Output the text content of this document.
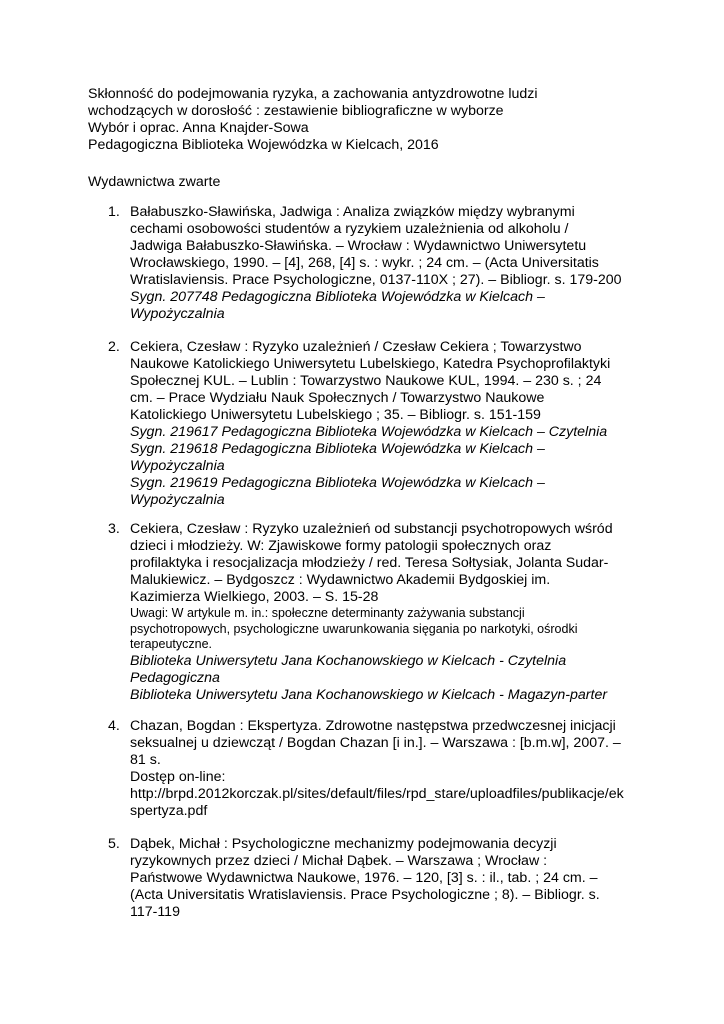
Skłonność do podejmowania ryzyka, a zachowania antyzdrowotne ludzi
wchodzących w dorosłość : zestawienie bibliograficzne w wyborze
Wybór i oprac. Anna Knajder-Sowa
Pedagogiczna Biblioteka Wojewódzka w Kielcach, 2016
Wydawnictwa zwarte
1. Bałabuszko-Sławińska, Jadwiga : Analiza związków między wybranymi
cechami osobowości studentów a ryzykiem uzależnienia od alkoholu /
Jadwiga Bałabuszko-Sławińska. – Wrocław : Wydawnictwo Uniwersytetu
Wrocławskiego, 1990. – [4], 268, [4] s. : wykr. ; 24 cm. – (Acta Universitatis
Wratislaviensis. Prace Psychologiczne, 0137-110X ; 27). – Bibliogr. s. 179-200
Sygn. 207748 Pedagogiczna Biblioteka Wojewódzka w Kielcach –
Wypożyczalnia
2. Cekiera, Czesław : Ryzyko uzależnień / Czesław Cekiera ; Towarzystwo
Naukowe Katolickiego Uniwersytetu Lubelskiego, Katedra Psychoprofilaktyki
Społecznej KUL. – Lublin : Towarzystwo Naukowe KUL, 1994. – 230 s. ; 24
cm. – Prace Wydziału Nauk Społecznych / Towarzystwo Naukowe
Katolickiego Uniwersytetu Lubelskiego ; 35. – Bibliogr. s. 151-159
Sygn. 219617 Pedagogiczna Biblioteka Wojewódzka w Kielcach – Czytelnia
Sygn. 219618 Pedagogiczna Biblioteka Wojewódzka w Kielcach –
Wypożyczalnia
Sygn. 219619 Pedagogiczna Biblioteka Wojewódzka w Kielcach –
Wypożyczalnia
3. Cekiera, Czesław : Ryzyko uzależnień od substancji psychotropowych wśród
dzieci i młodzieży. W: Zjawiskowe formy patologii społecznych oraz
profilaktyka i resocjalizacja młodzieży / red. Teresa Sołtysiak, Jolanta Sudar-
Malukiewicz. – Bydgoszcz : Wydawnictwo Akademii Bydgoskiej im.
Kazimierza Wielkiego, 2003. – S. 15-28
Uwagi: W artykule m. in.: społeczne determinanty zażywania substancji
psychotropowych, psychologiczne uwarunkowania sięgania po narkotyki, ośrodki
terapeutyczne.
Biblioteka Uniwersytetu Jana Kochanowskiego w Kielcach - Czytelnia
Pedagogiczna
Biblioteka Uniwersytetu Jana Kochanowskiego w Kielcach - Magazyn-parter
4. Chazan, Bogdan : Ekspertyza. Zdrowotne następstwa przedwczesnej inicjacji
seksualnej u dziewcząt / Bogdan Chazan [i in.]. – Warszawa : [b.m.w], 2007. –
81 s.
Dostęp on-line:
http://brpd.2012korczak.pl/sites/default/files/rpd_stare/uploadfiles/publikacje/ek
spertyza.pdf
5. Dąbek, Michał : Psychologiczne mechanizmy podejmowania decyzji
ryzykownych przez dzieci / Michał Dąbek. – Warszawa ; Wrocław :
Państwowe Wydawnictwa Naukowe, 1976. – 120, [3] s. : il., tab. ; 24 cm. –
(Acta Universitatis Wratislaviensis. Prace Psychologiczne ; 8). – Bibliogr. s.
117-119
